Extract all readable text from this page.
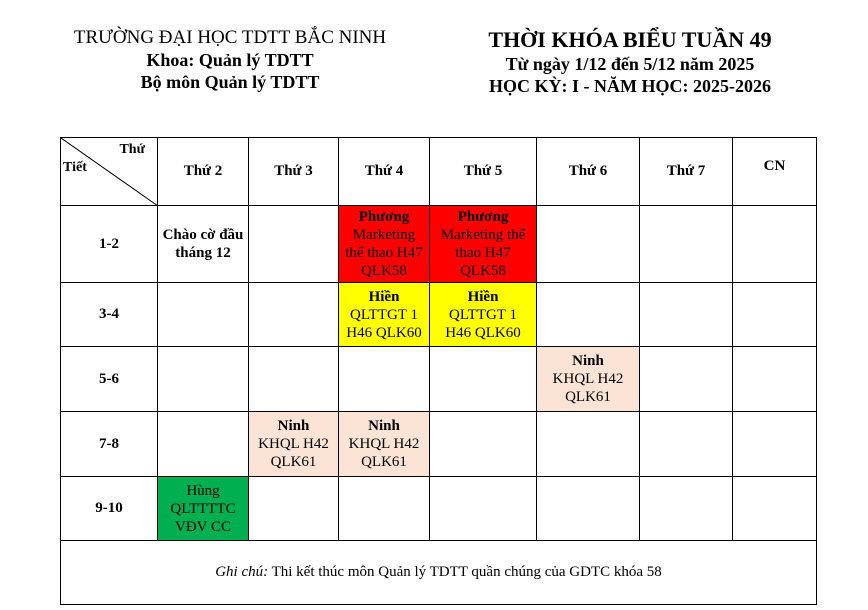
TRƯỜNG ĐẠI HỌC TDTT BẮC NINH
Khoa: Quản lý TDTT
Bộ môn Quản lý TDTT
THỜI KHÓA BIỂU TUẦN 49
Từ ngày 1/12 đến 5/12 năm 2025
HỌC KỲ: I - NĂM HỌC: 2025-2026
Thứ
Tiết	Thứ 2	Thứ 3	Thứ 4	Thứ 5	Thứ 6	Thứ 7	CN
1-2	Chào cờ đầu tháng 12		Phương
Marketing
thể thao H47
QLK58	Phương
Marketing thể
thao H47
QLK58			

3-4			Hiền
QLTTGT 1
H46 QLK60	Hiền
QLTTGT 1
H46 QLK60			

5-6					Ninh
KHQL H42
QLK61		

7-8		Ninh
KHQL H42
QLK61	Ninh
KHQL H42
QLK61				

9-10	Hùng
QLTTTTC
VĐV CC						

Ghi chú: Thi kết thúc môn Quản lý TDTT quần chúng của GDTC khóa 58							
